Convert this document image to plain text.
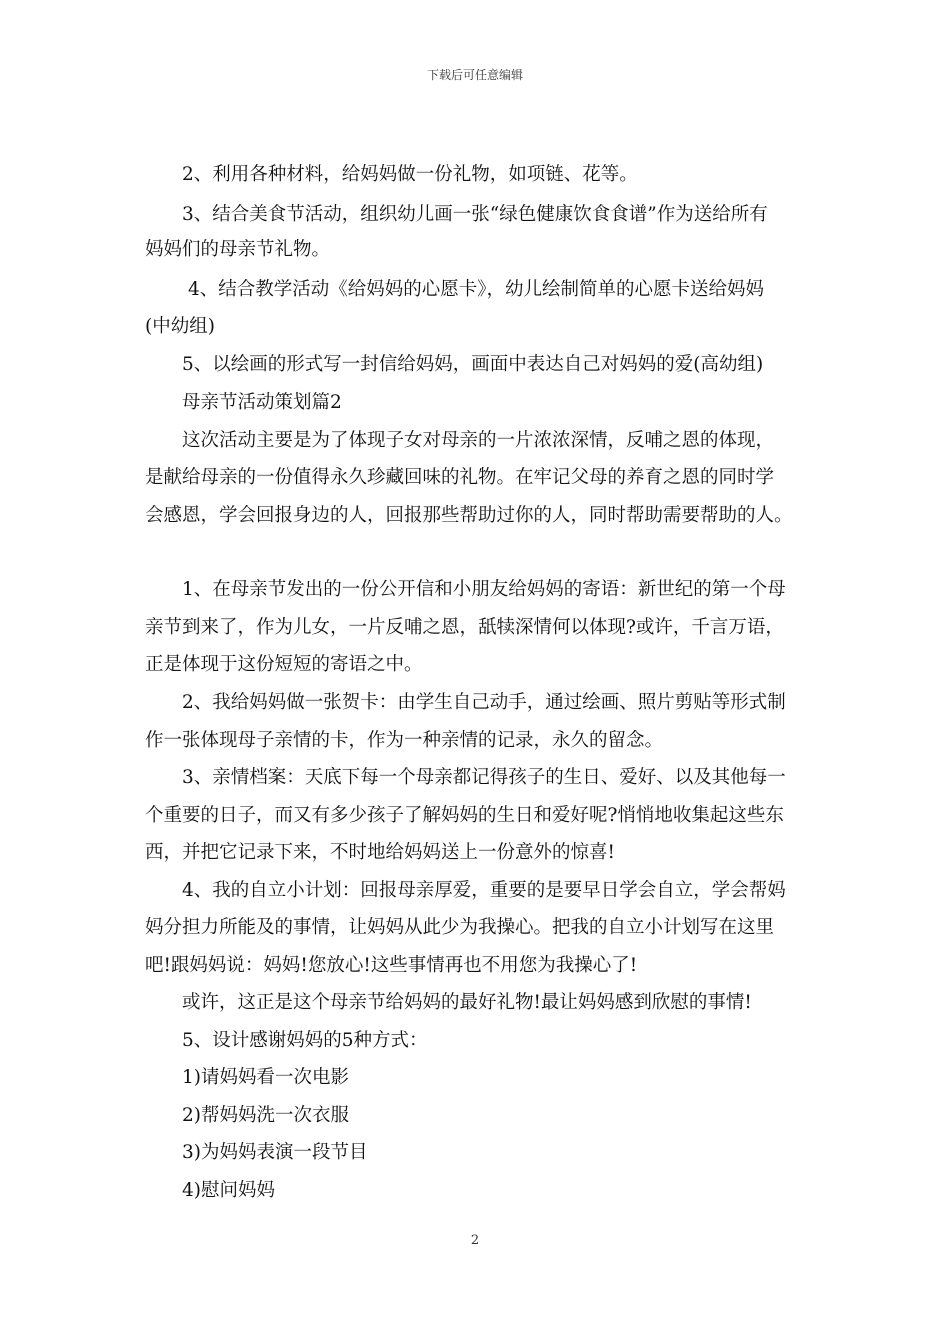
下载后可任意编辑
2、利用各种材料，给妈妈做一份礼物，如项链、花等。
3、结合美食节活动，组织幼儿画一张“绿色健康饮食食谱”作为送给所有
妈妈们的母亲节礼物。
4、结合教学活动《给妈妈的心愿卡》，幼儿绘制简单的心愿卡送给妈妈
(中幼组)
5、以绘画的形式写一封信给妈妈，画面中表达自己对妈妈的爱(高幼组)
母亲节活动策划篇2
这次活动主要是为了体现子女对母亲的一片浓浓深情，反哺之恩的体现，
是献给母亲的一份值得永久珍藏回味的礼物。在牢记父母的养育之恩的同时学
会感恩，学会回报身边的人，回报那些帮助过你的人，同时帮助需要帮助的人。
1、在母亲节发出的一份公开信和小朋友给妈妈的寄语：新世纪的第一个母
亲节到来了，作为儿女，一片反哺之恩，舐犊深情何以体现?或许，千言万语，
正是体现于这份短短的寄语之中。
2、我给妈妈做一张贺卡：由学生自己动手，通过绘画、照片剪贴等形式制
作一张体现母子亲情的卡，作为一种亲情的记录，永久的留念。
3、亲情档案：天底下每一个母亲都记得孩子的生日、爱好、以及其他每一
个重要的日子，而又有多少孩子了解妈妈的生日和爱好呢?悄悄地收集起这些东
西，并把它记录下来，不时地给妈妈送上一份意外的惊喜!
4、我的自立小计划：回报母亲厚爱，重要的是要早日学会自立，学会帮妈
妈分担力所能及的事情，让妈妈从此少为我操心。把我的自立小计划写在这里
吧!跟妈妈说：妈妈!您放心!这些事情再也不用您为我操心了!
或许，这正是这个母亲节给妈妈的最好礼物!最让妈妈感到欣慰的事情!
5、设计感谢妈妈的5种方式：
1)请妈妈看一次电影
2)帮妈妈洗一次衣服
3)为妈妈表演一段节目
4)慰问妈妈
2
